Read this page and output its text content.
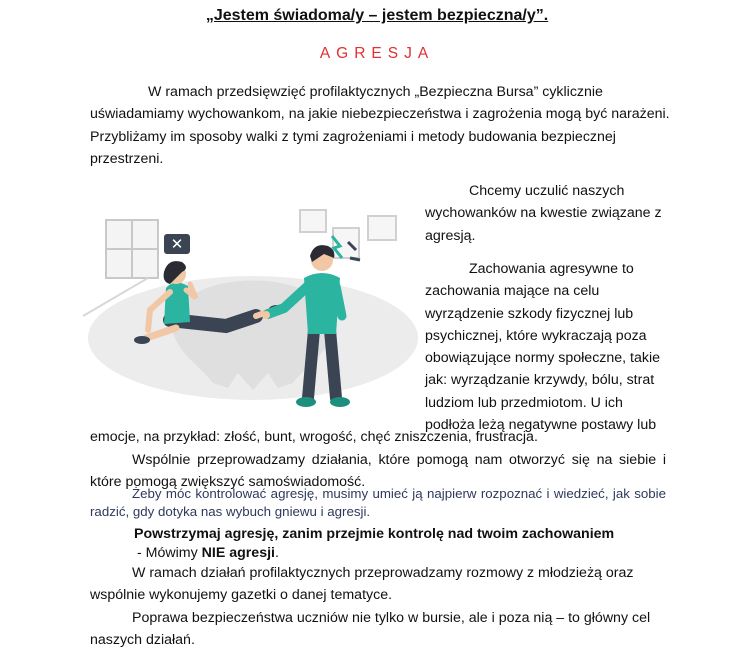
„Jestem świadoma/y – jestem bezpieczna/y”.
AGRESJA

W ramach przedsięwzięć profilaktycznych „Bezpieczna Bursa” cyklicznie uświadamiamy wychowankom, na jakie niebezpieczeństwa i zagrożenia mogą być narażeni. Przybliżamy im sposoby walki z tymi zagrożeniami i metody budowania bezpiecznej przestrzeni.

Chcemy uczulić naszych wychowanków na kwestie związane z agresją.

Zachowania agresywne to zachowania mające na celu wyrządzenie szkody fizycznej lub psychicznej, które wykraczają poza obowiązujące normy społeczne, takie jak: wyrządzanie krzywdy, bólu, strat ludziom lub przedmiotom. U ich podłoża leżą negatywne postawy lub

emocje, na przykład: złość, bunt, wrogość, chęć zniszczenia, frustracja.

Wspólnie przeprowadzamy działania, które pomogą nam otworzyć się na siebie i które pomogą zwiększyć samoświadomość.

Żeby móc kontrolować agresję, musimy umieć ją najpierw rozpoznać i wiedzieć, jak sobie radzić, gdy dotyka nas wybuch gniewu i agresji.

Powstrzymaj agresję, zanim przejmie kontrolę nad twoim zachowaniem

- Mówimy NIE agresji.

W ramach działań profilaktycznych przeprowadzamy rozmowy z młodzieżą oraz wspólnie wykonujemy gazetki o danej tematyce.

Poprawa bezpieczeństwa uczniów nie tylko w bursie, ale i poza nią – to główny cel naszych działań.

✕
